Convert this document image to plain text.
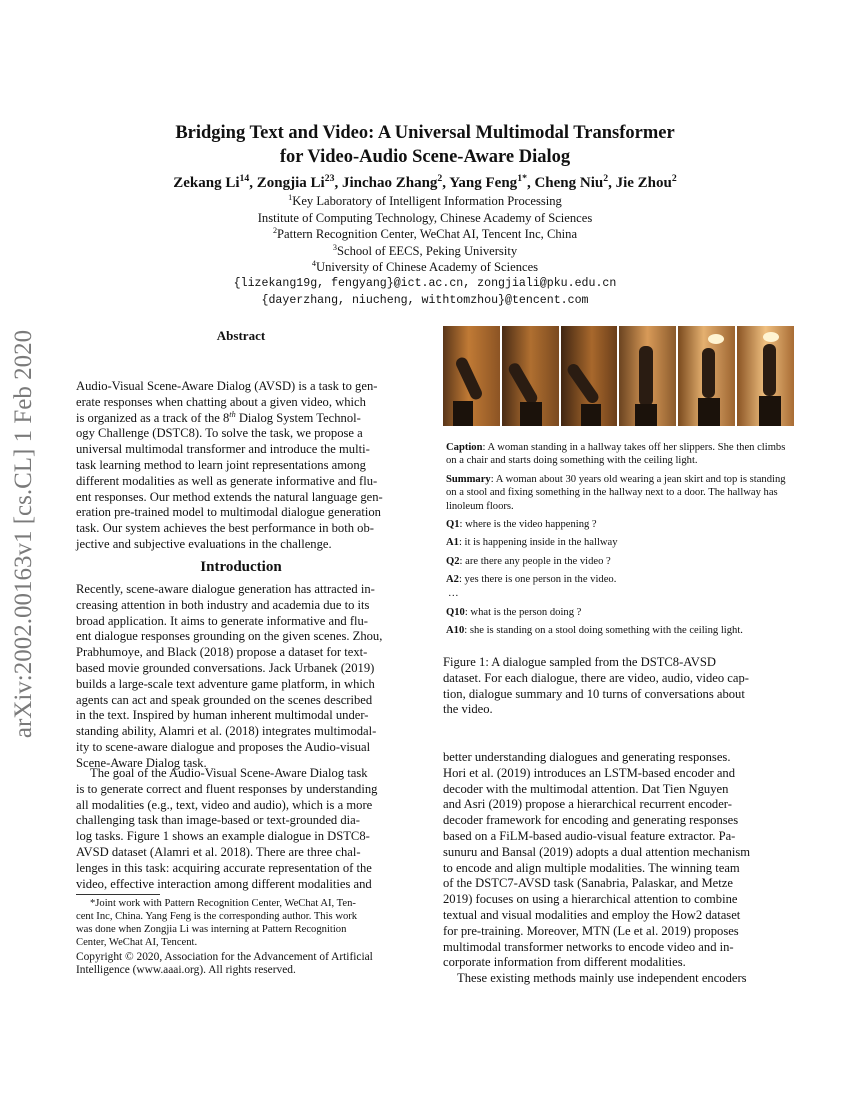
arXiv:2002.00163v1 [cs.CL] 1 Feb 2020
Bridging Text and Video: A Universal Multimodal Transformer
for Video-Audio Scene-Aware Dialog
Zekang Li$^{14}$, Zongjia Li$^{23}$, Jinchao Zhang$^2$, Yang Feng$^{1*}$, Cheng Niu$^2$, Jie Zhou$^2$
$^1$Key Laboratory of Intelligent Information Processing
Institute of Computing Technology, Chinese Academy of Sciences
$^2$Pattern Recognition Center, WeChat AI, Tencent Inc, China
$^3$School of EECS, Peking University
$^4$University of Chinese Academy of Sciences
{lizekang19g, fengyang}@ict.ac.cn, zongjiali@pku.edu.cn
{dayerzhang, niucheng, withtomzhou}@tencent.com
Abstract
Audio-Visual Scene-Aware Dialog (AVSD) is a task to gen-
erate responses when chatting about a given video, which
is organized as a track of the 8th Dialog System Technol-
ogy Challenge (DSTC8). To solve the task, we propose a
universal multimodal transformer and introduce the multi-
task learning method to learn joint representations among
different modalities as well as generate informative and flu-
ent responses. Our method extends the natural language gen-
eration pre-trained model to multimodal dialogue generation
task. Our system achieves the best performance in both ob-
jective and subjective evaluations in the challenge.
Introduction
Recently, scene-aware dialogue generation has attracted in-
creasing attention in both industry and academia due to its
broad application. It aims to generate informative and flu-
ent dialogue responses grounding on the given scenes. Zhou,
Prabhumoye, and Black (2018) propose a dataset for text-
based movie grounded conversations. Jack Urbanek (2019)
builds a large-scale text adventure game platform, in which
agents can act and speak grounded on the scenes described
in the text. Inspired by human inherent multimodal under-
standing ability, Alamri et al. (2018) integrates multimodal-
ity to scene-aware dialogue and proposes the Audio-visual
Scene-Aware Dialog task.
The goal of the Audio-Visual Scene-Aware Dialog task
is to generate correct and fluent responses by understanding
all modalities (e.g., text, video and audio), which is a more
challenging task than image-based or text-grounded dia-
log tasks. Figure 1 shows an example dialogue in DSTC8-
AVSD dataset (Alamri et al. 2018). There are three chal-
lenges in this task: acquiring accurate representation of the
video, effective interaction among different modalities and
*Joint work with Pattern Recognition Center, WeChat AI, Ten-
cent Inc, China. Yang Feng is the corresponding author. This work
was done when Zongjia Li was interning at Pattern Recognition
Center, WeChat AI, Tencent.
Copyright © 2020, Association for the Advancement of Artificial
Intelligence (www.aaai.org). All rights reserved.
Caption: A woman standing in a hallway takes off her slippers. She then climbs on a chair and starts doing something with the ceiling light.
Summary: A woman about 30 years old wearing a jean skirt and top is standing on a stool and fixing something in the hallway next to a door. The hallway has linoleum floors.
Q1: where is the video happening ?
A1: it is happening inside in the hallway
Q2: are there any people in the video ?
A2: yes there is one person in the video.
…
Q10: what is the person doing ?
A10: she is standing on a stool doing something with the ceiling light.
Figure 1: A dialogue sampled from the DSTC8-AVSD
dataset. For each dialogue, there are video, audio, video cap-
tion, dialogue summary and 10 turns of conversations about
the video.
better understanding dialogues and generating responses.
Hori et al. (2019) introduces an LSTM-based encoder and
decoder with the multimodal attention. Dat Tien Nguyen
and Asri (2019) propose a hierarchical recurrent encoder-
decoder framework for encoding and generating responses
based on a FiLM-based audio-visual feature extractor. Pa-
sunuru and Bansal (2019) adopts a dual attention mechanism
to encode and align multiple modalities. The winning team
of the DSTC7-AVSD task (Sanabria, Palaskar, and Metze
2019) focuses on using a hierarchical attention to combine
textual and visual modalities and employ the How2 dataset
for pre-training. Moreover, MTN (Le et al. 2019) proposes
multimodal transformer networks to encode video and in-
corporate information from different modalities.
These existing methods mainly use independent encoders
